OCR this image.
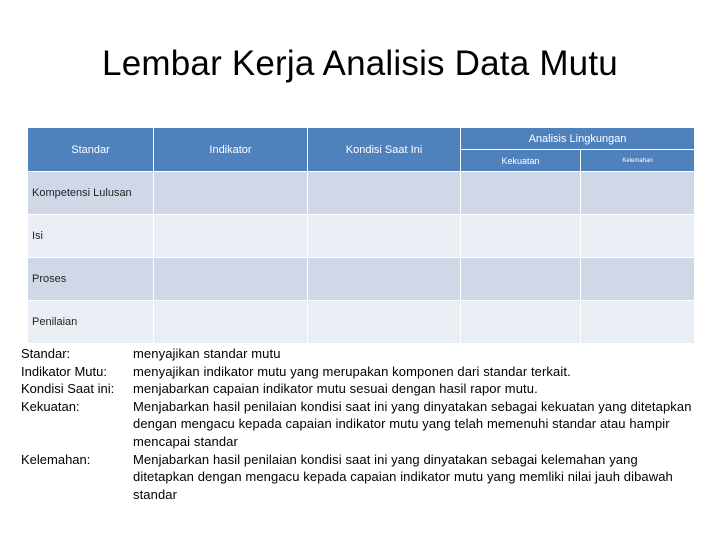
Lembar Kerja Analisis Data Mutu
Standar	Indikator	Kondisi Saat Ini	Analisis Lingkungan	
			Kekuatan	Kelemahan
Kompetensi Lulusan				
Isi				
Proses				
Penilaian				
Standar:	menyajikan standar mutu
Indikator Mutu:	menyajikan indikator mutu yang merupakan komponen dari standar terkait.
Kondisi Saat ini:	menjabarkan capaian indikator mutu sesuai dengan hasil rapor mutu.
Kekuatan:	Menjabarkan hasil penilaian kondisi saat ini yang dinyatakan sebagai kekuatan yang ditetapkan dengan mengacu kepada capaian indikator mutu yang telah memenuhi standar atau hampir mencapai standar
Kelemahan:	Menjabarkan hasil penilaian kondisi saat ini yang dinyatakan sebagai kelemahan yang ditetapkan dengan mengacu kepada capaian indikator mutu yang memliki nilai jauh dibawah standar
